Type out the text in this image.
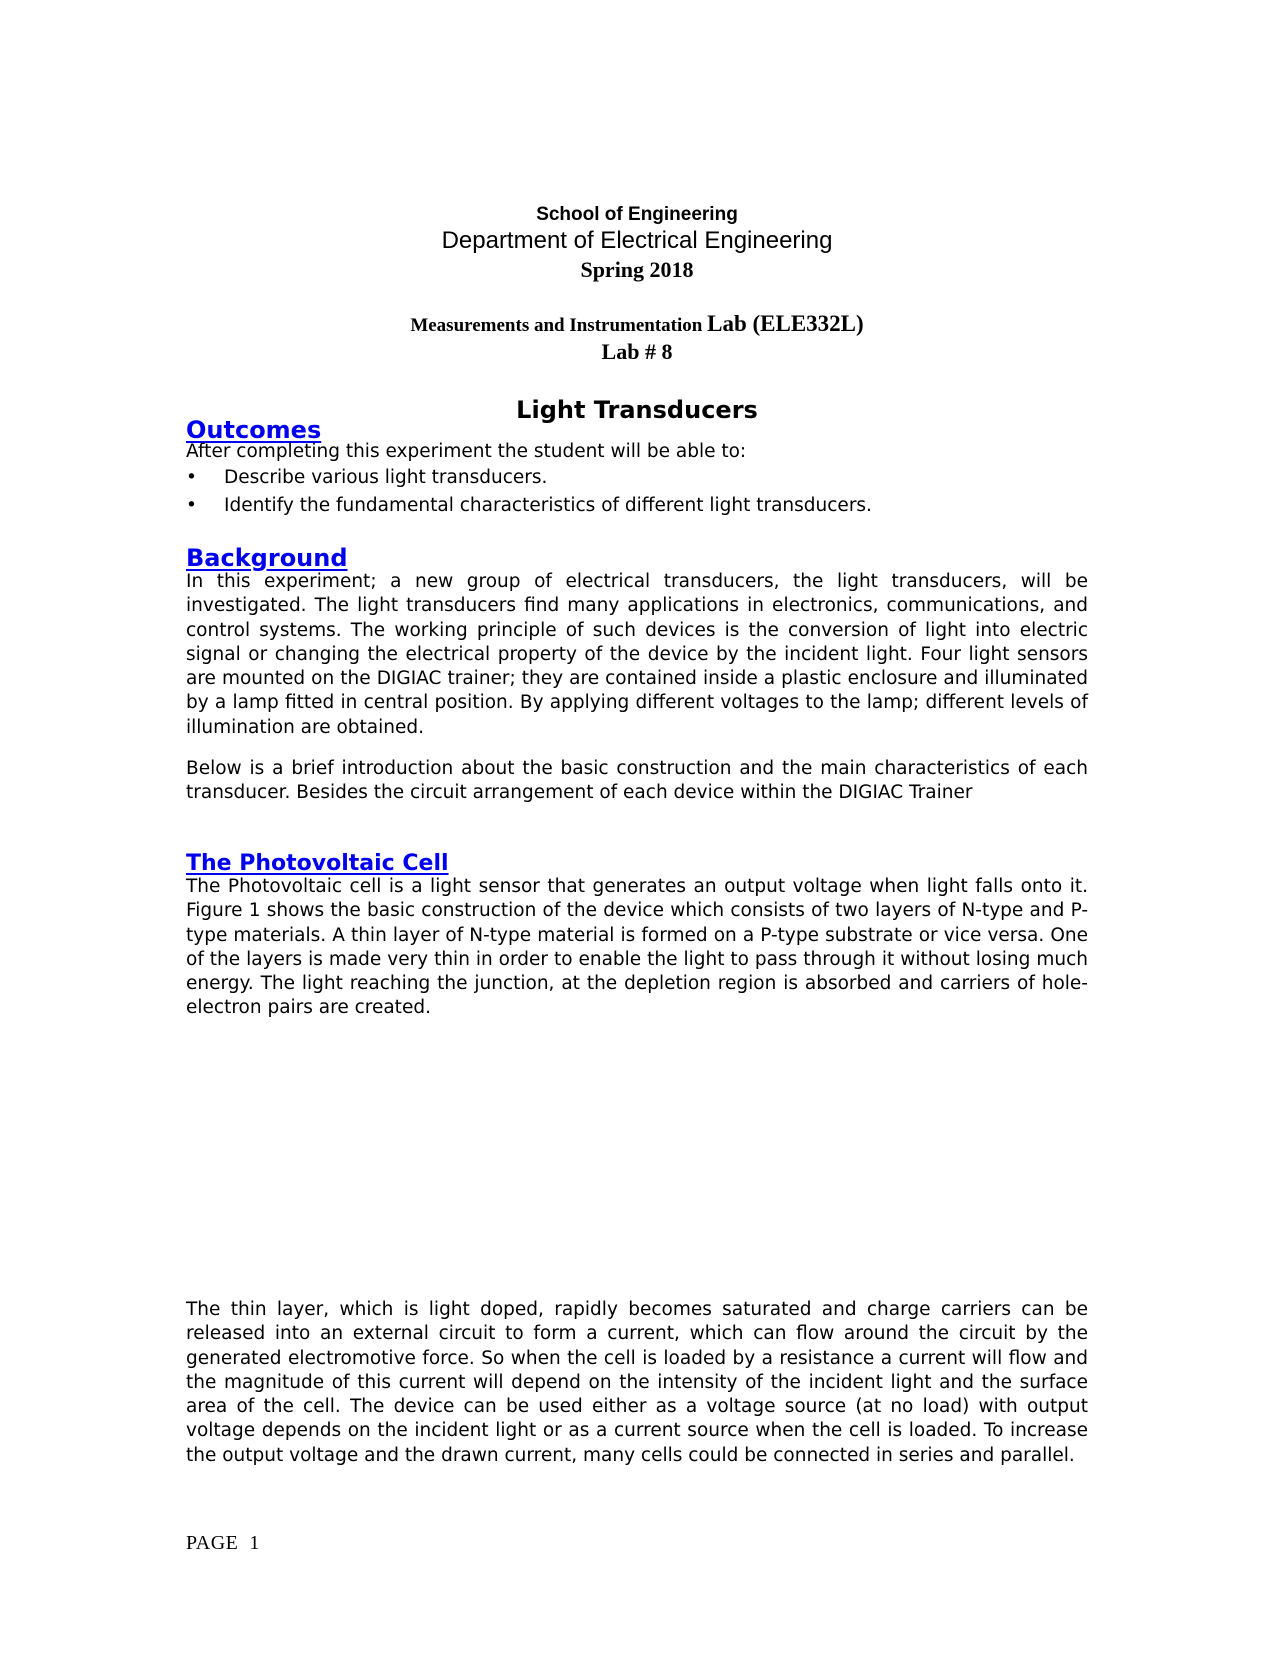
School of Engineering
Department of Electrical Engineering
Spring 2018
Measurements and Instrumentation Lab (ELE332L)
Lab # 8
Light Transducers
Outcomes

After completing this experiment the student will be able to:

• Describe various light transducers.
• Identify the fundamental characteristics of different light transducers.
Background

In this experiment; a new group of electrical transducers, the light transducers, will be investigated. The light transducers find many applications in electronics, communications, and control systems. The working principle of such devices is the conversion of light into electric signal or changing the electrical property of the device by the incident light. Four light sensors are mounted on the DIGIAC trainer; they are contained inside a plastic enclosure and illuminated by a lamp fitted in central position. By applying different voltages to the lamp; different levels of illumination are obtained.

Below is a brief introduction about the basic construction and the main characteristics of each transducer. Besides the circuit arrangement of each device within the DIGIAC Trainer

The Photovoltaic Cell

The Photovoltaic cell is a light sensor that generates an output voltage when light falls onto it. Figure 1 shows the basic construction of the device which consists of two layers of N-type and P-type materials. A thin layer of N-type material is formed on a P-type substrate or vice versa. One of the layers is made very thin in order to enable the light to pass through it without losing much energy. The light reaching the junction, at the depletion region is absorbed and carriers of hole-electron pairs are created.

The thin layer, which is light doped, rapidly becomes saturated and charge carriers can be released into an external circuit to form a current, which can flow around the circuit by the generated electromotive force. So when the cell is loaded by a resistance a current will flow and the magnitude of this current will depend on the intensity of the incident light and the surface area of the cell. The device can be used either as a voltage source (at no load) with output voltage depends on the incident light or as a current source when the cell is loaded. To increase the output voltage and the drawn current, many cells could be connected in series and parallel.

PAGE 1
